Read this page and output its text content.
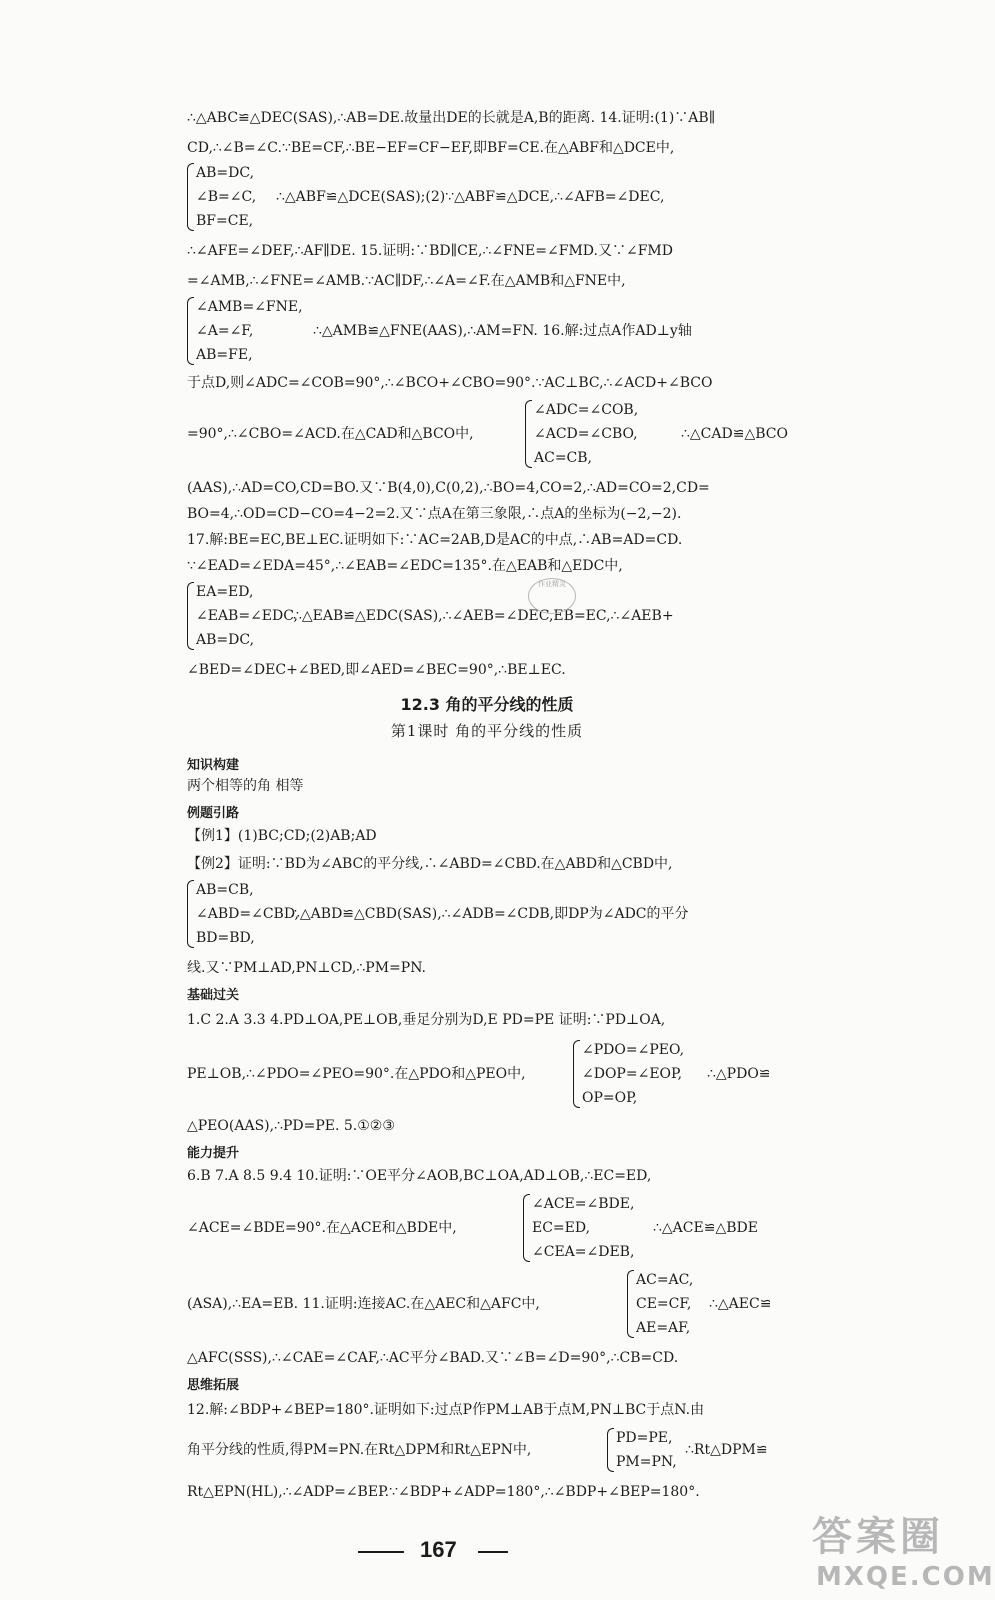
∴△ABC≌△DEC(SAS),∴AB=DE.故量出DE的长就是A,B的距离. 14.证明:(1)∵AB∥
CD,∴∠B=∠C.∵BE=CF,∴BE−EF=CF−EF,即BF=CE.在△ABF和△DCE中,
AB=DC,
∠B=∠C,
BF=CE,
∴△ABF≌△DCE(SAS);(2)∵△ABF≌△DCE,∴∠AFB=∠DEC,
∴∠AFE=∠DEF,∴AF∥DE. 15.证明:∵BD∥CE,∴∠FNE=∠FMD.又∵∠FMD
=∠AMB,∴∠FNE=∠AMB.∵AC∥DF,∴∠A=∠F.在△AMB和△FNE中,
∠AMB=∠FNE,
∠A=∠F,
AB=FE,
∴△AMB≌△FNE(AAS),∴AM=FN. 16.解:过点A作AD⊥y轴
于点D,则∠ADC=∠COB=90°,∴∠BCO+∠CBO=90°.∵AC⊥BC,∴∠ACD+∠BCO
=90°,∴∠CBO=∠ACD.在△CAD和△BCO中,
∠ADC=∠COB,
∠ACD=∠CBO,
AC=CB,
∴△CAD≌△BCO
(AAS),∴AD=CO,CD=BO.又∵B(4,0),C(0,2),∴BO=4,CO=2,∴AD=CO=2,CD=
BO=4,∴OD=CD−CO=4−2=2.又∵点A在第三象限,∴点A的坐标为(−2,−2).
17.解:BE=EC,BE⊥EC.证明如下:∵AC=2AB,D是AC的中点,∴AB=AD=CD.
∵∠EAD=∠EDA=45°,∴∠EAB=∠EDC=135°.在△EAB和△EDC中,
EA=ED,
∠EAB=∠EDC,
AB=DC,
∴△EAB≌△EDC(SAS),∴∠AEB=∠DEC,EB=EC,∴∠AEB+
∠BED=∠DEC+∠BED,即∠AED=∠BEC=90°,∴BE⊥EC.
12.3 角的平分线的性质
第1课时 角的平分线的性质
知识构建
两个相等的角 相等
例题引路
【例1】(1)BC;CD;(2)AB;AD
【例2】证明:∵BD为∠ABC的平分线,∴∠ABD=∠CBD.在△ABD和△CBD中,
AB=CB,
∠ABD=∠CBD,
BD=BD,
∴△ABD≌△CBD(SAS),∴∠ADB=∠CDB,即DP为∠ADC的平分
线.又∵PM⊥AD,PN⊥CD,∴PM=PN.
基础过关
1.C 2.A 3.3 4.PD⊥OA,PE⊥OB,垂足分别为D,E PD=PE 证明:∵PD⊥OA,
PE⊥OB,∴∠PDO=∠PEO=90°.在△PDO和△PEO中,
∠PDO=∠PEO,
∠DOP=∠EOP,
OP=OP,
∴△PDO≌
△PEO(AAS),∴PD=PE. 5.①②③
能力提升
6.B 7.A 8.5 9.4 10.证明:∵OE平分∠AOB,BC⊥OA,AD⊥OB,∴EC=ED,
∠ACE=∠BDE=90°.在△ACE和△BDE中,
∠ACE=∠BDE,
EC=ED,
∠CEA=∠DEB,
∴△ACE≌△BDE
(ASA),∴EA=EB. 11.证明:连接AC.在△AEC和△AFC中,
AC=AC,
CE=CF,
AE=AF,
∴△AEC≌
△AFC(SSS),∴∠CAE=∠CAF,∴AC平分∠BAD.又∵∠B=∠D=90°,∴CB=CD.
思维拓展
12.解:∠BDP+∠BEP=180°.证明如下:过点P作PM⊥AB于点M,PN⊥BC于点N.由
角平分线的性质,得PM=PN.在Rt△DPM和Rt△EPN中,
PD=PE,
PM=PN,
∴Rt△DPM≌
Rt△EPN(HL),∴∠ADP=∠BEP.∵∠BDP+∠ADP=180°,∴∠BDP+∠BEP=180°.
作业精灵
167	答案圈
MXQE.COM
